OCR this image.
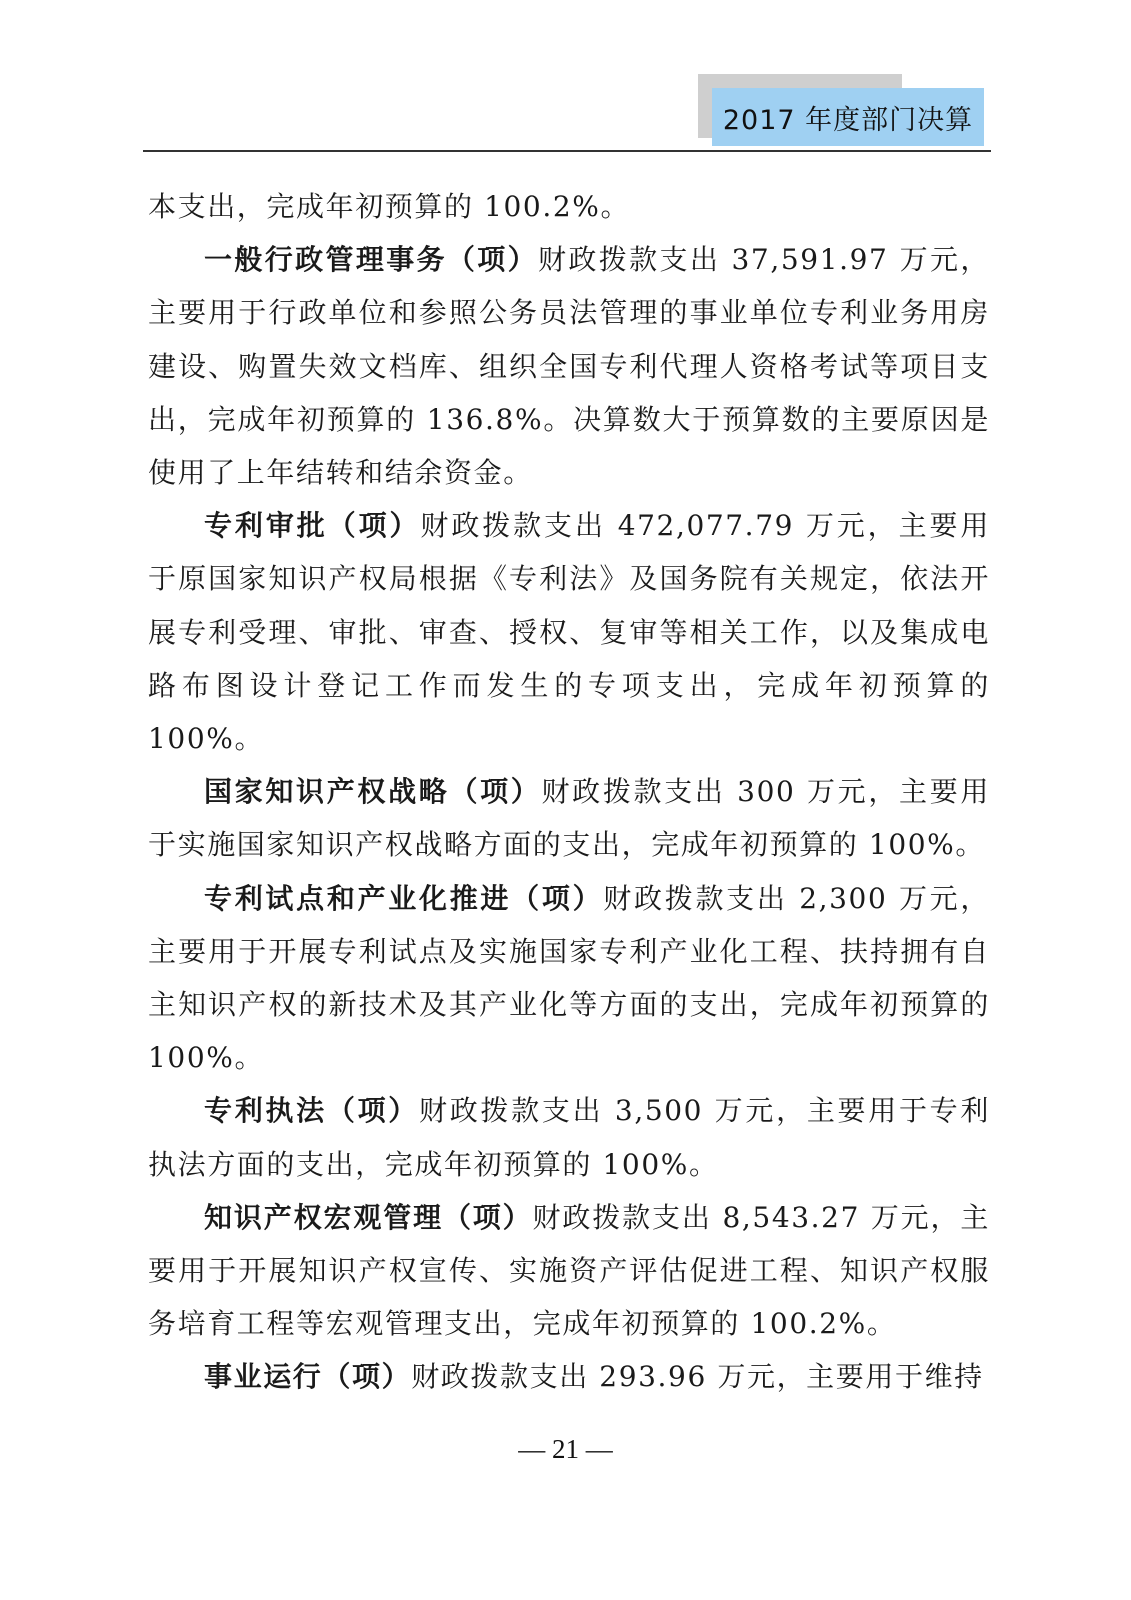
2017 年度部门决算

本支出，完成年初预算的 100.2%。

一般行政管理事务（项）财政拨款支出 37,591.97 万元，主要用于行政单位和参照公务员法管理的事业单位专利业务用房建设、购置失效文档库、组织全国专利代理人资格考试等项目支出，完成年初预算的 136.8%。决算数大于预算数的主要原因是使用了上年结转和结余资金。

专利审批（项）财政拨款支出 472,077.79 万元，主要用于原国家知识产权局根据《专利法》及国务院有关规定，依法开展专利受理、审批、审查、授权、复审等相关工作，以及集成电路布图设计登记工作而发生的专项支出，完成年初预算的 100%。

国家知识产权战略（项）财政拨款支出 300 万元，主要用于实施国家知识产权战略方面的支出，完成年初预算的 100%。

专利试点和产业化推进（项）财政拨款支出 2,300 万元，主要用于开展专利试点及实施国家专利产业化工程、扶持拥有自主知识产权的新技术及其产业化等方面的支出，完成年初预算的 100%。

专利执法（项）财政拨款支出 3,500 万元，主要用于专利执法方面的支出，完成年初预算的 100%。

知识产权宏观管理（项）财政拨款支出 8,543.27 万元，主要用于开展知识产权宣传、实施资产评估促进工程、知识产权服务培育工程等宏观管理支出，完成年初预算的 100.2%。

事业运行（项）财政拨款支出 293.96 万元，主要用于维持

— 21 —
